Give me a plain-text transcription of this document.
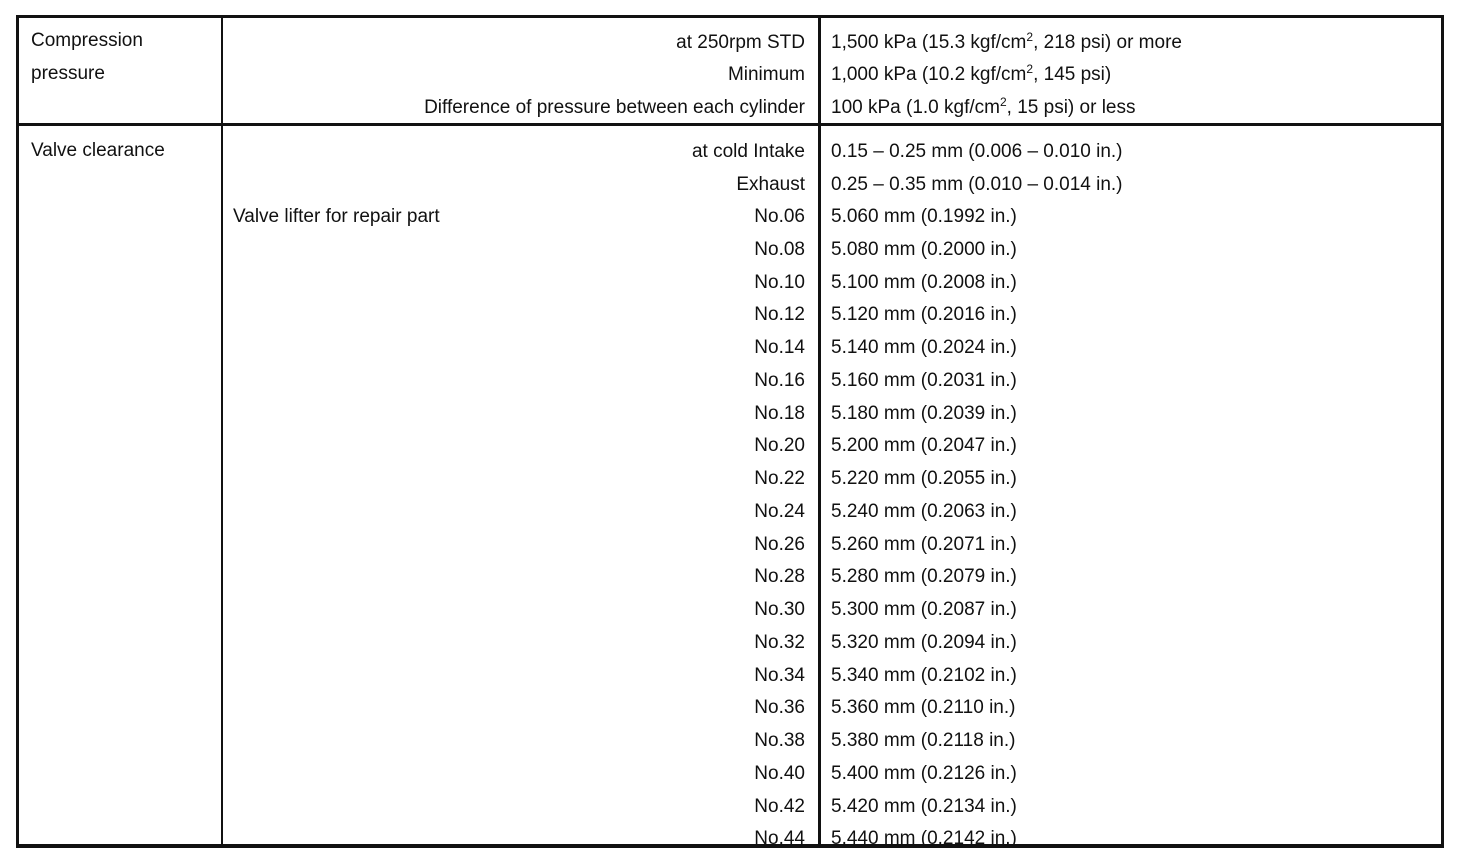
Compression pressure
at 250rpm STD 1,500 kPa (15.3 kgf/$cm^2$, 218 psi) or more
Minimum 1,000 kPa (10.2 kgf/$cm^2$, 145 psi)
Difference of pressure between each cylinder 100 kPa (1.0 kgf/$cm^2$, 15 psi) or less
Valve clearance	at cold Intake 0.15 – 0.25 mm (0.006 – 0.010 in.)
Exhaust 0.25 – 0.35 mm (0.010 – 0.014 in.)
Valve lifter for repair part	No.06 5.060 mm (0.1992 in.)
No.08 5.080 mm (0.2000 in.)
No.10 5.100 mm (0.2008 in.)
No.12 5.120 mm (0.2016 in.)
No.14 5.140 mm (0.2024 in.)
No.16 5.160 mm (0.2031 in.)
No.18 5.180 mm (0.2039 in.)
No.20 5.200 mm (0.2047 in.)
No.22 5.220 mm (0.2055 in.)
No.24 5.240 mm (0.2063 in.)
No.26 5.260 mm (0.2071 in.)
No.28 5.280 mm (0.2079 in.)
No.30 5.300 mm (0.2087 in.)
No.32 5.320 mm (0.2094 in.)
No.34 5.340 mm (0.2102 in.)
No.36 5.360 mm (0.2110 in.)
No.38 5.380 mm (0.2118 in.)
No.40 5.400 mm (0.2126 in.)
No.42 5.420 mm (0.2134 in.)
No.44 5.440 mm (0.2142 in.)
